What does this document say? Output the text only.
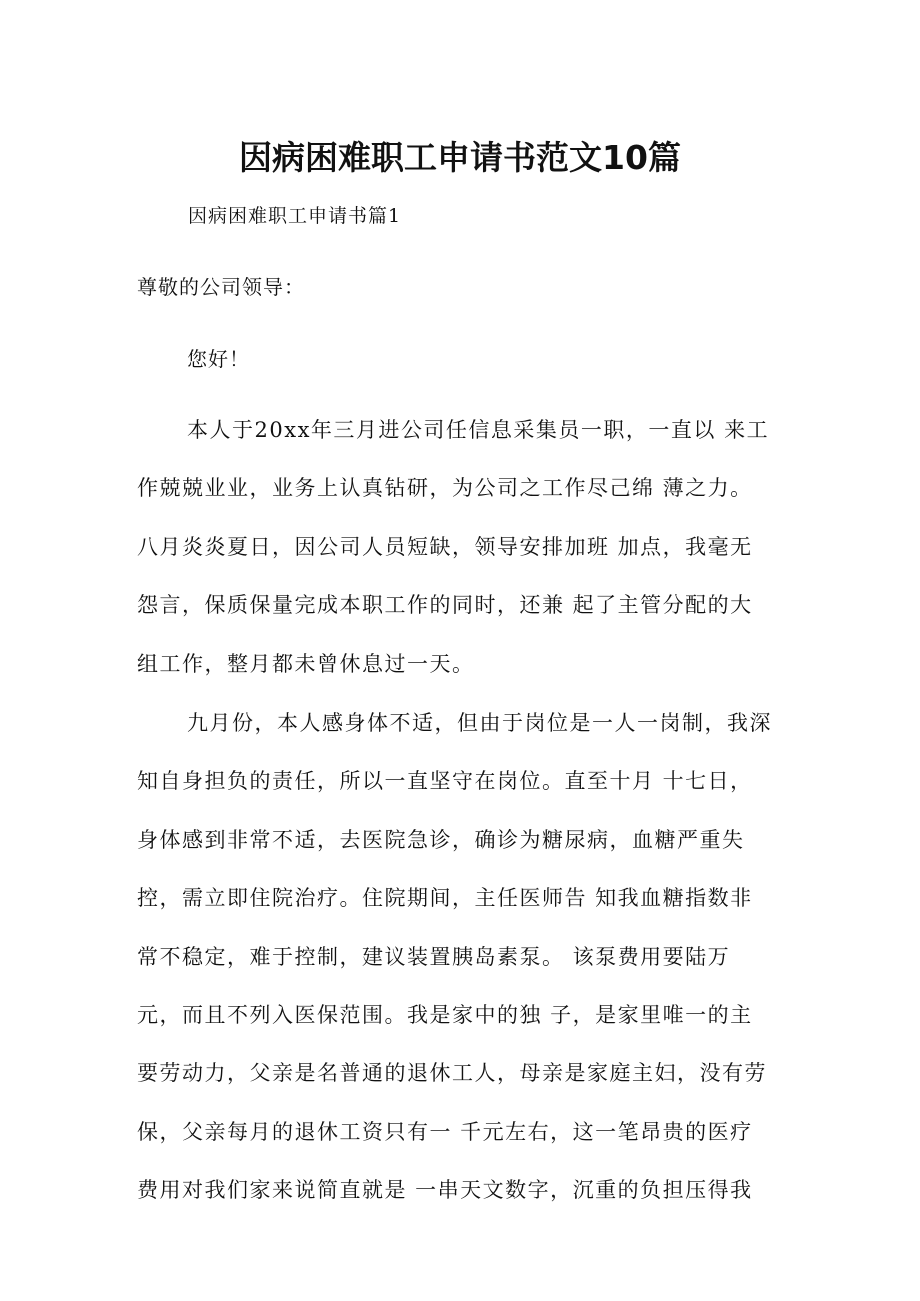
因病困难职工申请书范文10篇

因病困难职工申请书篇1

尊敬的公司领导：

您好！

本人于20xx年三月进公司任信息采集员一职，一直以 来工
作兢兢业业，业务上认真钻研，为公司之工作尽己绵 薄之力。
八月炎炎夏日，因公司人员短缺，领导安排加班 加点，我毫无
怨言，保质保量完成本职工作的同时，还兼 起了主管分配的大
组工作，整月都未曾休息过一天。
九月份，本人感身体不适，但由于岗位是一人一岗制，我深
知自身担负的责任，所以一直坚守在岗位。直至十月 十七日，
身体感到非常不适，去医院急诊，确诊为糖尿病，血糖严重失
控，需立即住院治疗。住院期间，主任医师告 知我血糖指数非
常不稳定，难于控制，建议装置胰岛素泵。 该泵费用要陆万
元，而且不列入医保范围。我是家中的独 子，是家里唯一的主
要劳动力，父亲是名普通的退休工人，母亲是家庭主妇，没有劳
保，父亲每月的退休工资只有一 千元左右，这一笔昂贵的医疗
费用对我们家来说简直就是 一串天文数字，沉重的负担压得我
